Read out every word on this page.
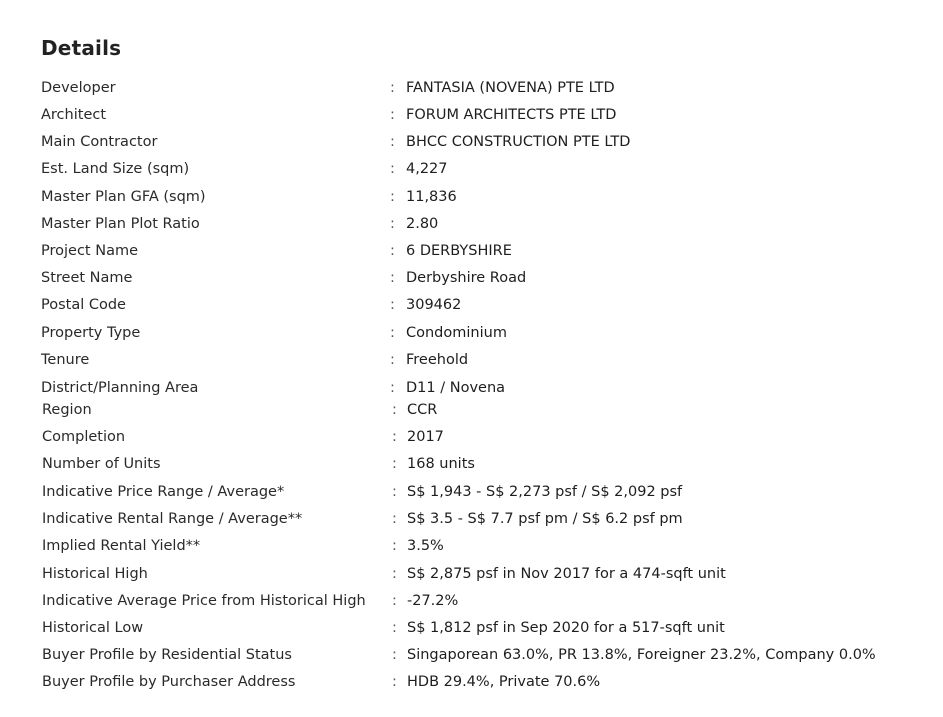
Details
Developer	: FANTASIA (NOVENA) PTE LTD
Architect	: FORUM ARCHITECTS PTE LTD
Main Contractor	: BHCC CONSTRUCTION PTE LTD
Est. Land Size (sqm)	: 4,227
Master Plan GFA (sqm)	: 11,836
Master Plan Plot Ratio	: 2.80
Project Name	: 6 DERBYSHIRE
Street Name	: Derbyshire Road
Postal Code	: 309462
Property Type	: Condominium
Tenure	: Freehold
District/Planning Area	: D11 / Novena
Region	: CCR
Completion	: 2017
Number of Units	: 168 units
Indicative Price Range / Average*	: S$ 1,943 - S$ 2,273 psf / S$ 2,092 psf
Indicative Rental Range / Average**	: S$ 3.5 - S$ 7.7 psf pm / S$ 6.2 psf pm
Implied Rental Yield**	: 3.5%
Historical High	: S$ 2,875 psf in Nov 2017 for a 474-sqft unit
Indicative Average Price from Historical High : -27.2%
Historical Low	: S$ 1,812 psf in Sep 2020 for a 517-sqft unit
Buyer Profile by Residential Status	: Singaporean 63.0%, PR 13.8%, Foreigner 23.2%, Company 0.0%
Buyer Profile by Purchaser Address	: HDB 29.4%, Private 70.6%
